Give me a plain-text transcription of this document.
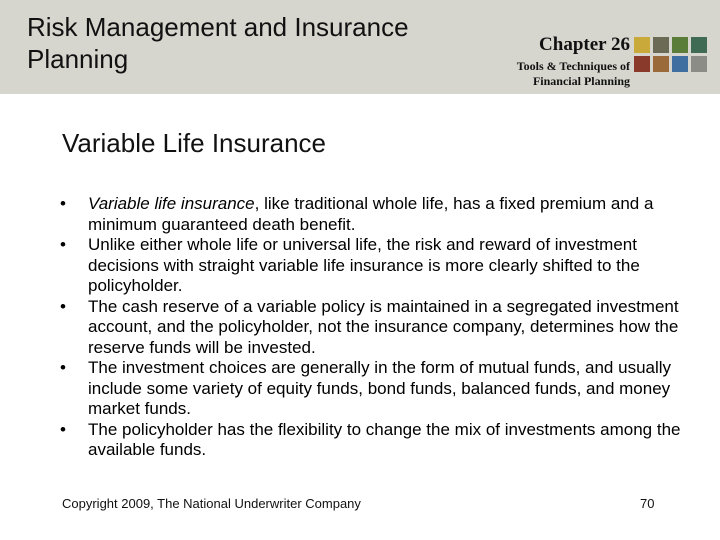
Risk Management and Insurance Planning	Chapter 26
Tools & Techniques of
Financial Planning
Variable Life Insurance
• Variable life insurance, like traditional whole life, has a fixed premium and a minimum guaranteed death benefit.
• Unlike either whole life or universal life, the risk and reward of investment decisions with straight variable life insurance is more clearly shifted to the policyholder.
• The cash reserve of a variable policy is maintained in a segregated investment account, and the policyholder, not the insurance company, determines how the reserve funds will be invested.
• The investment choices are generally in the form of mutual funds, and usually include some variety of equity funds, bond funds, balanced funds, and money market funds.
• The policyholder has the flexibility to change the mix of investments among the available funds.
Copyright 2009, The National Underwriter Company	70
